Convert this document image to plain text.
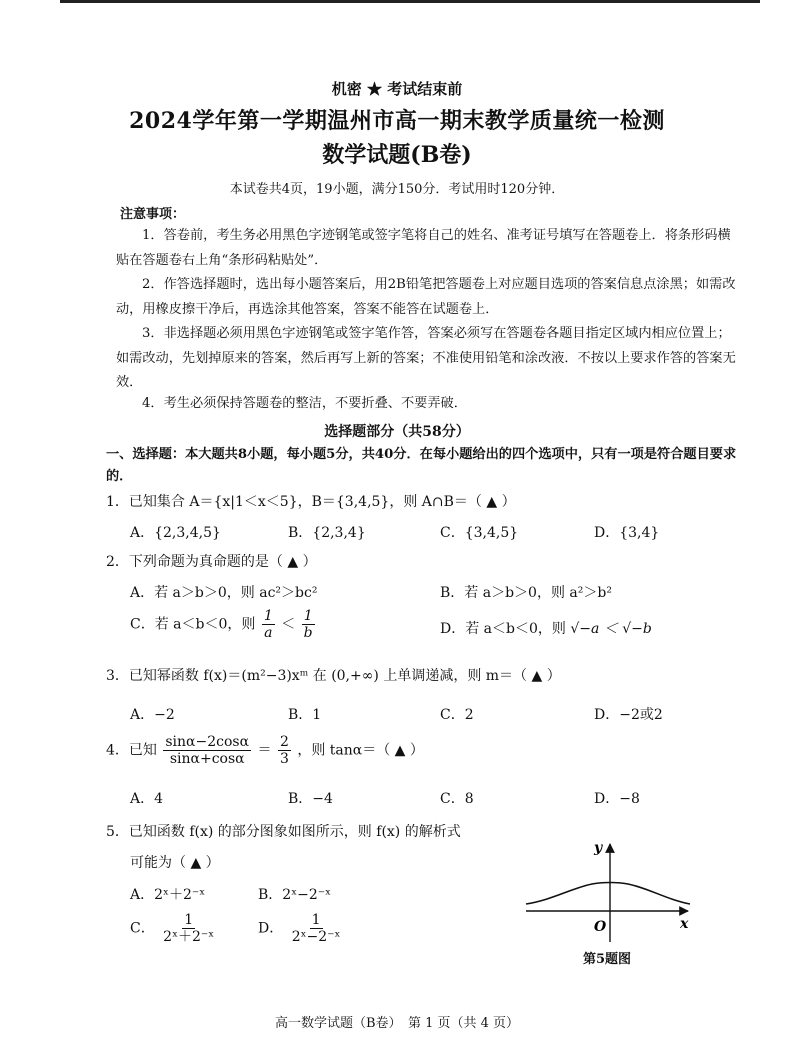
机密 ★ 考试结束前
2024学年第一学期温州市高一期末教学质量统一检测
数学试题(B卷)
本试卷共4页，19小题，满分150分．考试用时120分钟．
注意事项：
1．答卷前，考生务必用黑色字迹钢笔或签字笔将自己的姓名、准考证号填写在答题卷上．将条形码横贴在答题卷右上角“条形码粘贴处”．
2．作答选择题时，选出每小题答案后，用2B铅笔把答题卷上对应题目选项的答案信息点涂黑；如需改动，用橡皮擦干净后，再选涂其他答案，答案不能答在试题卷上．
3．非选择题必须用黑色字迹钢笔或签字笔作答，答案必须写在答题卷各题目指定区域内相应位置上；如需改动，先划掉原来的答案，然后再写上新的答案；不准使用铅笔和涂改液．不按以上要求作答的答案无效．
4．考生必须保持答题卷的整洁，不要折叠、不要弄破．
选择题部分（共58分）
一、选择题：本大题共8小题，每小题5分，共40分．在每小题给出的四个选项中，只有一项是符合题目要求的．
1．已知集合 A＝{x|1＜x＜5}，B＝{3,4,5}，则 A∩B＝（ ▲ ）
A．{2,3,4,5}	B．{2,3,4}	C．{3,4,5}	D．{3,4}
2．下列命题为真命题的是（ ▲ ）
A．若 a＞b＞0，则 ac²＞bc²	B．若 a＞b＞0，则 a²＞b²
C．若 a＜b＜0，则 $\frac{1}{a} < \frac{1}{b}$	D．若 a＜b＜0，则 √−a ＜ √−b
3．已知幂函数 f(x)＝(m²−3)xᵐ 在 (0,+∞) 上单调递减，则 m＝（ ▲ ）
A．−2	B．1	C．2	D．−2或2
4．已知 $\frac{\sin\alpha-2\cos\alpha}{\sin\alpha+\cos\alpha} = \frac{2}{3}$ ，则 tanα＝（ ▲ ）
A．4	B．−4	C．8	D．−8
5．已知函数 f(x) 的部分图象如图所示，则 f(x) 的解析式
可能为（ ▲ ）
A．2ˣ＋2⁻ˣ	B．2ˣ−2⁻ˣ
C． $\frac{1}{\text{2ˣ＋2⁻ˣ}}$	D． $\frac{1}{\text{2ˣ−2⁻ˣ}}$
y
x
O
第5题图
高一数学试题（B卷）　第 1 页（共 4 页）
